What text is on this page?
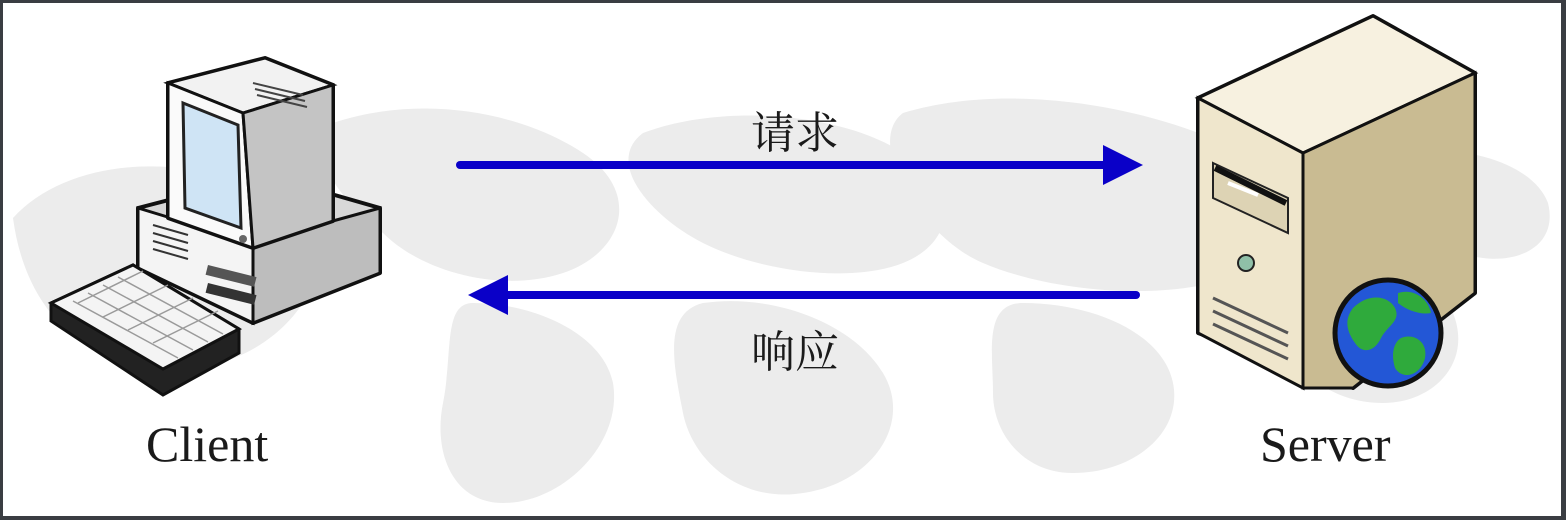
请求
响应
Client	Server
